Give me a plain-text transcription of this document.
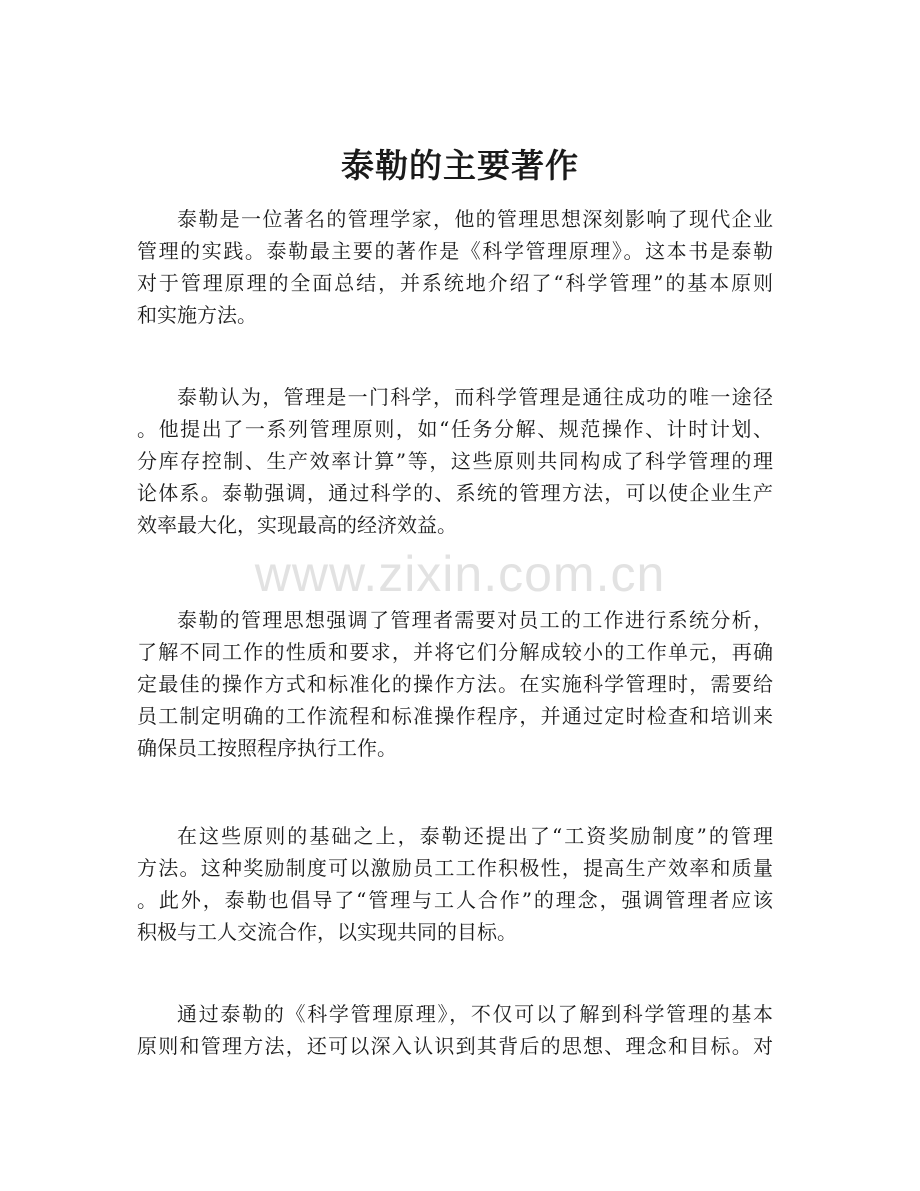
泰勒的主要著作
www.zixin.com.cn
泰勒是一位著名的管理学家，他的管理思想深刻影响了现代企业
管理的实践。泰勒最主要的著作是《科学管理原理》。这本书是泰勒
对于管理原理的全面总结，并系统地介绍了“科学管理”的基本原则
和实施方法。
泰勒认为，管理是一门科学，而科学管理是通往成功的唯一途径
。他提出了一系列管理原则，如“任务分解、规范操作、计时计划、
分库存控制、生产效率计算”等，这些原则共同构成了科学管理的理
论体系。泰勒强调，通过科学的、系统的管理方法，可以使企业生产
效率最大化，实现最高的经济效益。
泰勒的管理思想强调了管理者需要对员工的工作进行系统分析，
了解不同工作的性质和要求，并将它们分解成较小的工作单元，再确
定最佳的操作方式和标准化的操作方法。在实施科学管理时，需要给
员工制定明确的工作流程和标准操作程序，并通过定时检查和培训来
确保员工按照程序执行工作。
在这些原则的基础之上，泰勒还提出了“工资奖励制度”的管理
方法。这种奖励制度可以激励员工工作积极性，提高生产效率和质量
。此外，泰勒也倡导了“管理与工人合作”的理念，强调管理者应该
积极与工人交流合作，以实现共同的目标。
通过泰勒的《科学管理原理》，不仅可以了解到科学管理的基本
原则和管理方法，还可以深入认识到其背后的思想、理念和目标。对
